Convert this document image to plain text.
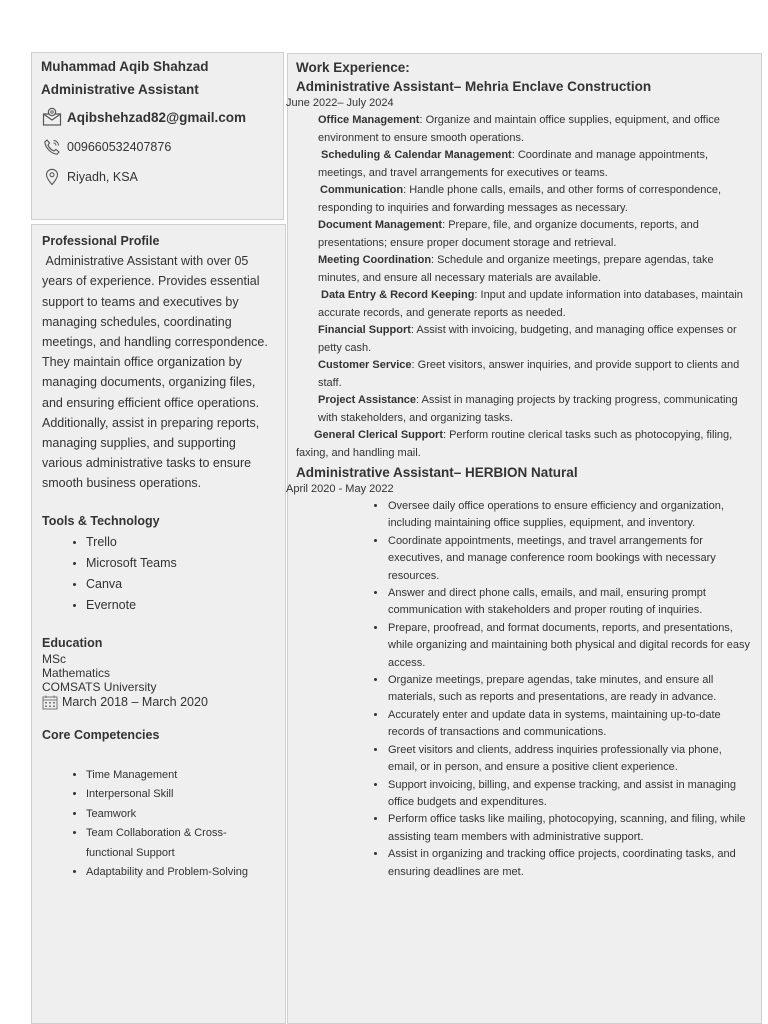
Muhammad Aqib Shahzad

Administrative Assistant

Aqibshehzad82@gmail.com
009660532407876
Riyadh, KSA

Professional Profile

Administrative Assistant with over 05 years of experience. Provides essential support to teams and executives by managing schedules, coordinating meetings, and handling correspondence. They maintain office organization by managing documents, organizing files, and ensuring efficient office operations. Additionally, assist in preparing reports, managing supplies, and supporting various administrative tasks to ensure smooth business operations.

Tools & Technology

• Trello
• Microsoft Teams
• Canva
• Evernote

Education

MSc
Mathematics
COMSATS University
March 2018 – March 2020

Core Competencies

• Time Management
• Interpersonal Skill
• Teamwork
• Team Collaboration & Cross-functional Support
• Adaptability and Problem-Solving

Work Experience:

Administrative Assistant– Mehria Enclave Construction

June 2022– July 2024

Office Management: Organize and maintain office supplies, equipment, and office environment to ensure smooth operations.

Scheduling & Calendar Management: Coordinate and manage appointments, meetings, and travel arrangements for executives or teams.

Communication: Handle phone calls, emails, and other forms of correspondence, responding to inquiries and forwarding messages as necessary.

Document Management: Prepare, file, and organize documents, reports, and presentations; ensure proper document storage and retrieval.

Meeting Coordination: Schedule and organize meetings, prepare agendas, take minutes, and ensure all necessary materials are available.

Data Entry & Record Keeping: Input and update information into databases, maintain accurate records, and generate reports as needed.

Financial Support: Assist with invoicing, budgeting, and managing office expenses or petty cash.

Customer Service: Greet visitors, answer inquiries, and provide support to clients and staff.

Project Assistance: Assist in managing projects by tracking progress, communicating with stakeholders, and organizing tasks.

General Clerical Support: Perform routine clerical tasks such as photocopying, filing, faxing, and handling mail.

Administrative Assistant– HERBION Natural

April 2020 - May 2022

• Oversee daily office operations to ensure efficiency and organization, including maintaining office supplies, equipment, and inventory.
• Coordinate appointments, meetings, and travel arrangements for executives, and manage conference room bookings with necessary resources.
• Answer and direct phone calls, emails, and mail, ensuring prompt communication with stakeholders and proper routing of inquiries.
• Prepare, proofread, and format documents, reports, and presentations, while organizing and maintaining both physical and digital records for easy access.
• Organize meetings, prepare agendas, take minutes, and ensure all materials, such as reports and presentations, are ready in advance.
• Accurately enter and update data in systems, maintaining up-to-date records of transactions and communications.
• Greet visitors and clients, address inquiries professionally via phone, email, or in person, and ensure a positive client experience.
• Support invoicing, billing, and expense tracking, and assist in managing office budgets and expenditures.
• Perform office tasks like mailing, photocopying, scanning, and filing, while assisting team members with administrative support.
• Assist in organizing and tracking office projects, coordinating tasks, and ensuring deadlines are met.
